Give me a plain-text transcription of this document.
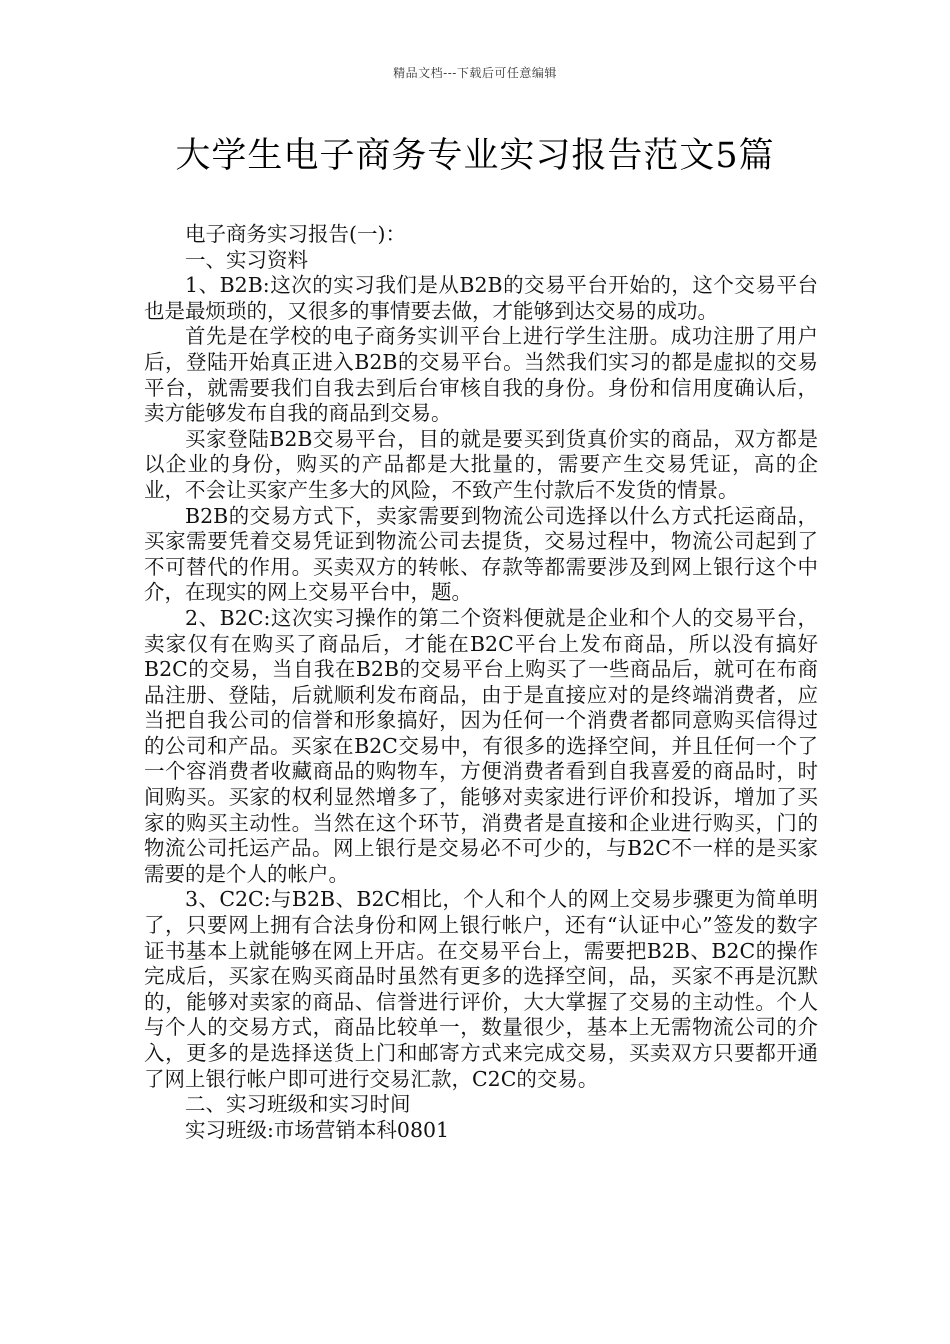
精品文档---下载后可任意编辑
大学生电子商务专业实习报告范文5篇

电子商务实习报告(一)：

一、实习资料

1、B2B:这次的实习我们是从B2B的交易平台开始的，这个交易平台也是最烦琐的，又很多的事情要去做，才能够到达交易的成功。

首先是在学校的电子商务实训平台上进行学生注册。成功注册了用户后，登陆开始真正进入B2B的交易平台。当然我们实习的都是虚拟的交易平台，就需要我们自我去到后台审核自我的身份。身份和信用度确认后，卖方能够发布自我的商品到交易。

买家登陆B2B交易平台，目的就是要买到货真价实的商品，双方都是以企业的身份，购买的产品都是大批量的，需要产生交易凭证，高的企业，不会让买家产生多大的风险，不致产生付款后不发货的情景。

B2B的交易方式下，卖家需要到物流公司选择以什么方式托运商品，买家需要凭着交易凭证到物流公司去提货，交易过程中，物流公司起到了不可替代的作用。买卖双方的转帐、存款等都需要涉及到网上银行这个中介，在现实的网上交易平台中，题。

2、B2C:这次实习操作的第二个资料便就是企业和个人的交易平台，卖家仅有在购买了商品后，才能在B2C平台上发布商品，所以没有搞好B2C的交易，当自我在B2B的交易平台上购买了一些商品后，就可在布商品注册、登陆，后就顺利发布商品，由于是直接应对的是终端消费者，应当把自我公司的信誉和形象搞好，因为任何一个消费者都同意购买信得过的公司和产品。买家在B2C交易中，有很多的选择空间，并且任何一个了一个容消费者收藏商品的购物车，方便消费者看到自我喜爱的商品时，时间购买。买家的权利显然增多了，能够对卖家进行评价和投诉，增加了买家的购买主动性。当然在这个环节，消费者是直接和企业进行购买，门的物流公司托运产品。网上银行是交易必不可少的，与B2C不一样的是买家需要的是个人的帐户。

3、C2C:与B2B、B2C相比，个人和个人的网上交易步骤更为简单明了，只要网上拥有合法身份和网上银行帐户，还有“认证中心”签发的数字证书基本上就能够在网上开店。在交易平台上，需要把B2B、B2C的操作完成后，买家在购买商品时虽然有更多的选择空间，品，买家不再是沉默的，能够对卖家的商品、信誉进行评价，大大掌握了交易的主动性。个人与个人的交易方式，商品比较单一，数量很少，基本上无需物流公司的介入，更多的是选择送货上门和邮寄方式来完成交易，买卖双方只要都开通了网上银行帐户即可进行交易汇款，C2C的交易。

二、实习班级和实习时间

实习班级:市场营销本科0801
